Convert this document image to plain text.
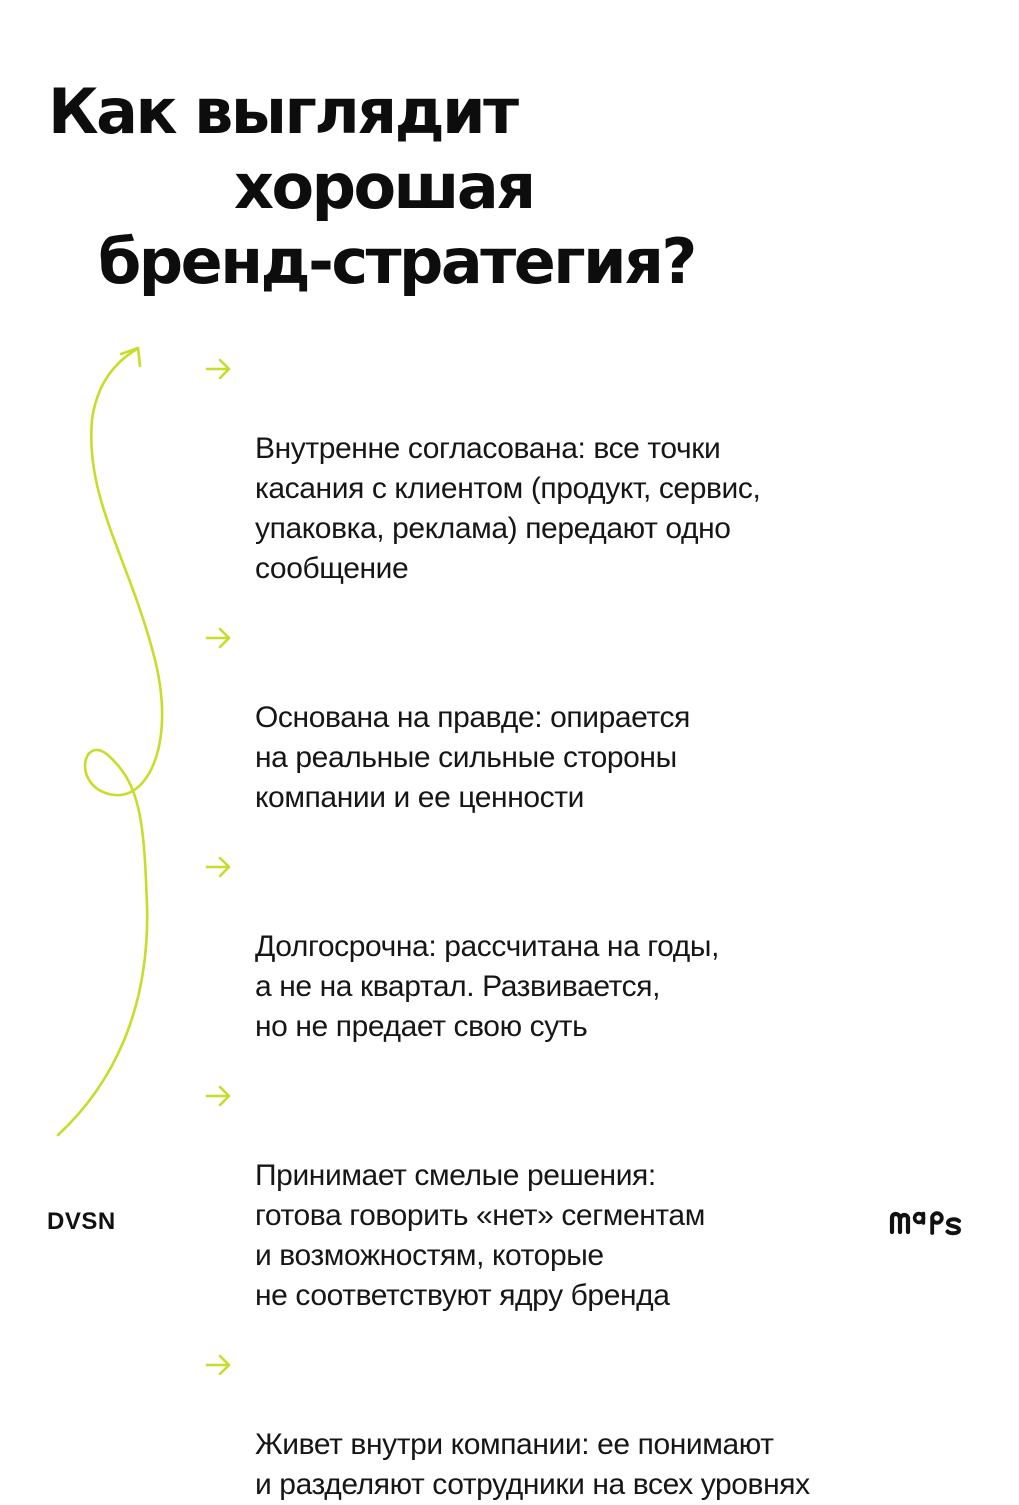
Как выглядит
хорошая
бренд-стратегия?

Внутренне согласована: все точки
касания с клиентом (продукт, сервис,
упаковка, реклама) передают одно
сообщение

Основана на правде: опирается
на реальные сильные стороны
компании и ее ценности

Долгосрочна: рассчитана на годы,
а не на квартал. Развивается,
но не предает свою суть

Принимает смелые решения:
готова говорить «нет» сегментам
и возможностям, которые
не соответствуют ядру бренда

Живет внутри компании: ее понимают
и разделяют сотрудники на всех уровнях

DVSN
